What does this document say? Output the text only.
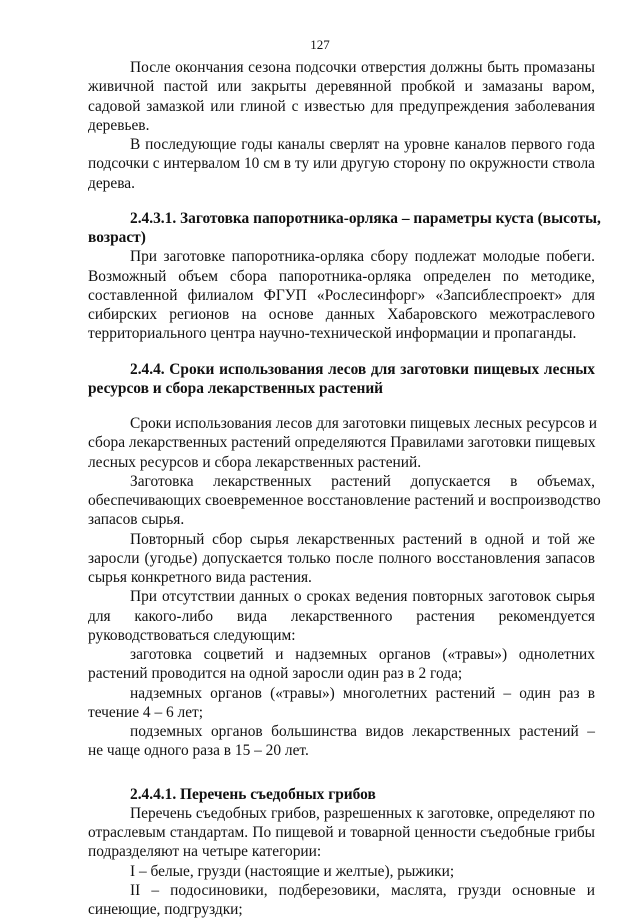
127
После окончания сезона подсочки отверстия должны быть промазаны
живичной пастой или закрыты деревянной пробкой и замазаны варом,
садовой замазкой или глиной с известью для предупреждения заболевания
деревьев.
В последующие годы каналы сверлят на уровне каналов первого года
подсочки с интервалом 10 см в ту или другую сторону по окружности ствола
дерева.
2.4.3.1. Заготовка папоротника-орляка – параметры куста (высоты,
возраст)
При заготовке папоротника-орляка сбору подлежат молодые побеги.
Возможный объем сбора папоротника-орляка определен по методике,
составленной филиалом ФГУП «Рослесинфорг» «Запсиблеспроект» для
сибирских регионов на основе данных Хабаровского межотраслевого
территориального центра научно-технической информации и пропаганды.
2.4.4. Сроки использования лесов для заготовки пищевых лесных
ресурсов и сбора лекарственных растений
Сроки использования лесов для заготовки пищевых лесных ресурсов и
сбора лекарственных растений определяются Правилами заготовки пищевых
лесных ресурсов и сбора лекарственных растений.
Заготовка лекарственных растений допускается в объемах,
обеспечивающих своевременное восстановление растений и воспроизводство
запасов сырья.
Повторный сбор сырья лекарственных растений в одной и той же
заросли (угодье) допускается только после полного восстановления запасов
сырья конкретного вида растения.
При отсутствии данных о сроках ведения повторных заготовок сырья
для какого-либо вида лекарственного растения рекомендуется
руководствоваться следующим:
заготовка соцветий и надземных органов («травы») однолетних
растений проводится на одной заросли один раз в 2 года;
надземных органов («травы») многолетних растений – один раз в
течение 4 – 6 лет;
подземных органов большинства видов лекарственных растений –
не чаще одного раза в 15 – 20 лет.
2.4.4.1. Перечень съедобных грибов
Перечень съедобных грибов, разрешенных к заготовке, определяют по
отраслевым стандартам. По пищевой и товарной ценности съедобные грибы
подразделяют на четыре категории:
I – белые, грузди (настоящие и желтые), рыжики;
II – подосиновики, подберезовики, маслята, грузди основные и
синеющие, подгруздки;
